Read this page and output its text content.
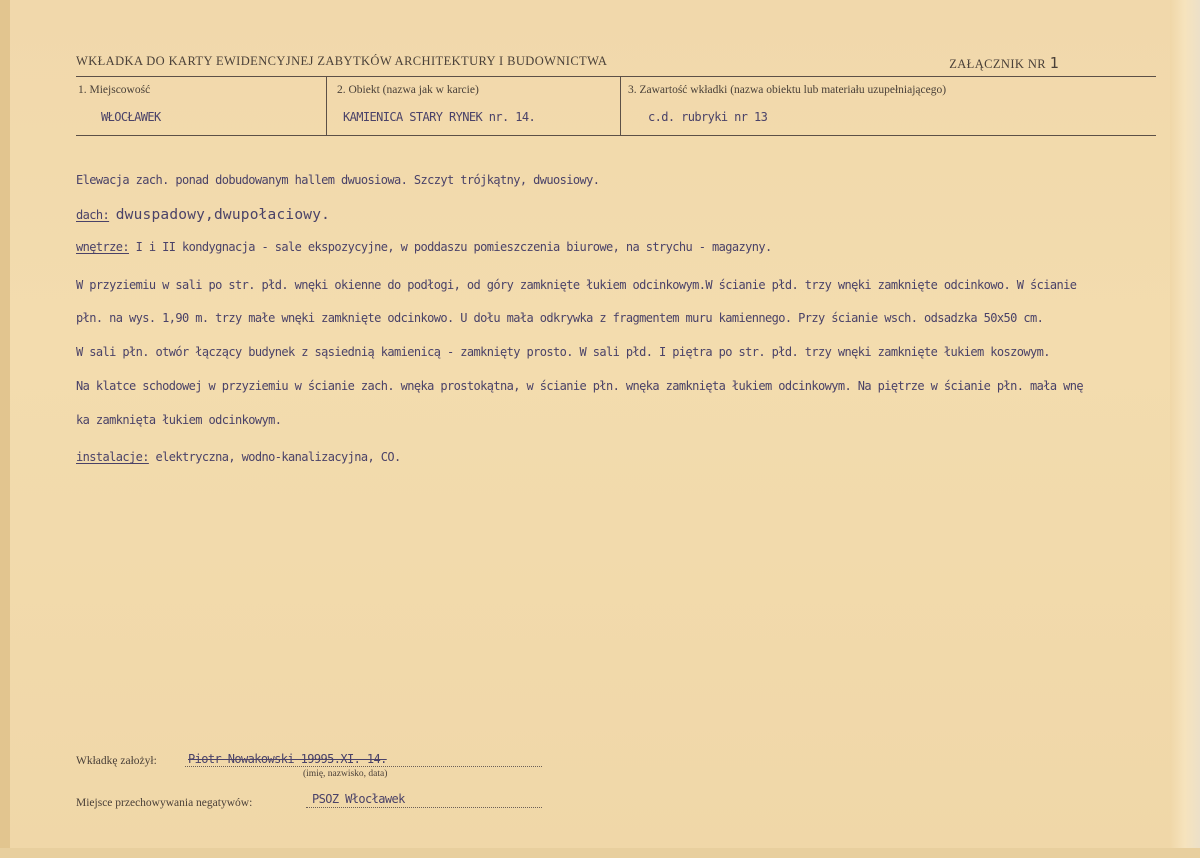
WKŁADKA DO KARTY EWIDENCYJNEJ ZABYTKÓW ARCHITEKTURY I BUDOWNICTWA	ZAŁĄCZNIK NR 1
1. Miejscowość	2. Obiekt (nazwa jak w karcie)	3. Zawartość wkładki (nazwa obiektu lub materiału uzupełniającego)
WŁOCŁAWEK	KAMIENICA STARY RYNEK nr. 14.	c.d. rubryki nr 13
Elewacja zach. ponad dobudowanym hallem dwuosiowa. Szczyt trójkątny, dwuosiowy.
dach: dwuspadowy,dwupołaciowy.
wnętrze: I i II kondygnacja - sale ekspozycyjne, w poddaszu pomieszczenia biurowe, na strychu - magazyny.
W przyziemiu w sali po str. płd. wnęki okienne do podłogi, od góry zamknięte łukiem odcinkowym.W ścianie płd. trzy wnęki zamknięte odcinkowo. W ścianie
płn. na wys. 1,90 m. trzy małe wnęki zamknięte odcinkowo. U dołu mała odkrywka z fragmentem muru kamiennego. Przy ścianie wsch. odsadzka 50x50 cm.
W sali płn. otwór łączący budynek z sąsiednią kamienicą - zamknięty prosto. W sali płd. I piętra po str. płd. trzy wnęki zamknięte łukiem koszowym.
Na klatce schodowej w przyziemiu w ścianie zach. wnęka prostokątna, w ścianie płn. wnęka zamknięta łukiem odcinkowym. Na piętrze w ścianie płn. mała wnę
ka zamknięta łukiem odcinkowym.
instalacje: elektryczna, wodno-kanalizacyjna, CO.
Wkładkę założył:	Piotr Nowakowski 19995.XI. 14.
(imię, nazwisko, data)
Miejsce przechowywania negatywów:	PSOZ Włocławek
